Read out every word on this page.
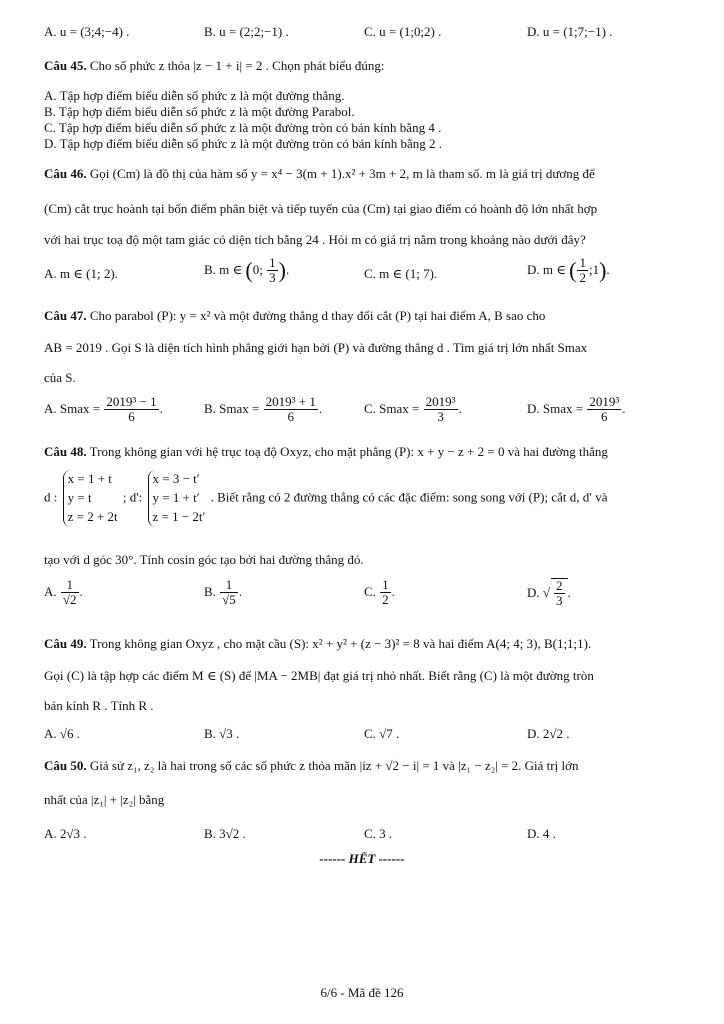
A. u = (3;4;−4) .	B. u = (2;2;−1) .	C. u = (1;0;2) .	D. u = (1;7;−1) .
Câu 45. Cho số phức z thỏa |z − 1 + i| = 2 . Chọn phát biểu đúng:
A. Tập hợp điểm biểu diễn số phức z là một đường thẳng.
B. Tập hợp điểm biểu diễn số phức z là một đường Parabol.
C. Tập hợp điểm biểu diễn số phức z là một đường tròn có bán kính bằng 4 .
D. Tập hợp điểm biểu diễn số phức z là một đường tròn có bán kính bằng 2 .
Câu 46. Gọi (Cm) là đồ thị của hàm số y = x⁴ − 3(m + 1).x² + 3m + 2, m là tham số. m là giá trị dương để
(Cm) cắt trục hoành tại bốn điểm phân biệt và tiếp tuyến của (Cm) tại giao điểm có hoành độ lớn nhất hợp
với hai trục toạ độ một tam giác có diện tích bằng 24 . Hỏi m có giá trị nằm trong khoảng nào dưới đây?
A. m ∈ (1; 2).	B. m ∈ (0; $\frac{1}{3}$ ).	C. m ∈ (1; 7).	D. m ∈ ( $\frac{1}{2}$ ;1).
Câu 47. Cho parabol (P): y = x² và một đường thẳng d thay đổi cắt (P) tại hai điểm A, B sao cho
AB = 2019 . Gọi S là diện tích hình phẳng giới hạn bởi (P) và đường thẳng d . Tìm giá trị lớn nhất Smax
của S.
A. $Smax = \frac{\text{2019³ − 1}}{6}$ .	B. $Smax = \frac{\text{2019³ + 1}}{6}$ .	C. $Smax = \frac{\text{2019³}}{3}$ .	D. $Smax = \frac{\text{2019³}}{6}$ .
Câu 48. Trong không gian với hệ trục toạ độ Oxyz, cho mặt phẳng (P): x + y − z + 2 = 0 và hai đường thẳng
d :
x = 1 + t
y = t
z = 2 + 2t
; d':
x = 3 − t′
y = 1 + t′
z = 1 − 2t′
. Biết rằng có 2 đường thẳng có các đặc điểm: song song với (P); cắt d, d′ và
tạo với d góc 30°. Tính cosin góc tạo bởi hai đường thẳng đó.
A. $\frac{1}{√2}$ .	B. $\frac{1}{√5}$ .	C. $\frac{1}{2}$ .	D. √ $\frac{2}{3}$ .
Câu 49. Trong không gian Oxyz , cho mặt cầu (S): x² + y² + (z − 3)² = 8 và hai điểm A(4; 4; 3), B(1;1;1).
Gọi (C) là tập hợp các điểm M ∈ (S) để |MA − 2MB| đạt giá trị nhỏ nhất. Biết rằng (C) là một đường tròn
bán kính R . Tính R .
A. √6 .	B. √3 .	C. √7 .	D. 2√2 .
Câu 50. Giả sử z₁, z₂ là hai trong số các số phức z thỏa mãn |iz + √2 − i| = 1 và |z₁ − z₂| = 2. Giá trị lớn
nhất của |z₁| + |z₂| bằng
A. 2√3 .	B. 3√2 .	C. 3 .	D. 4 .
------ HẾT ------
6/6 - Mã đề 126
